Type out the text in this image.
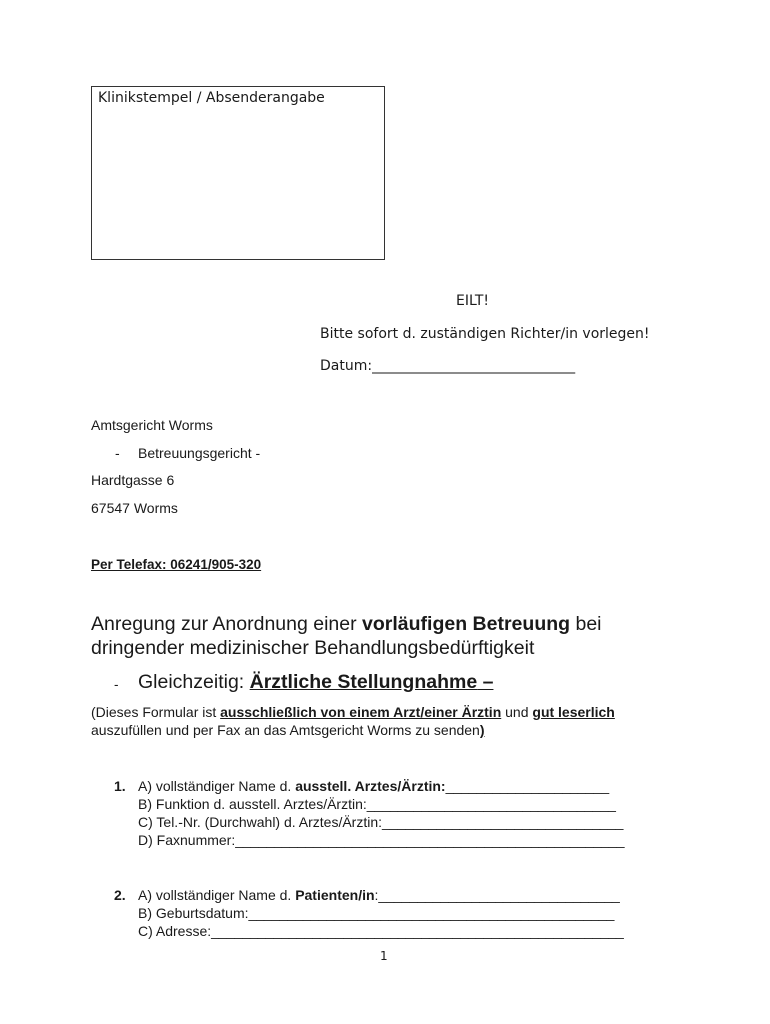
Klinikstempel / Absenderangabe
EILT!
Bitte sofort d. zuständigen Richter/in vorlegen!
Datum:_____________________________
Amtsgericht Worms
- Betreuungsgericht -
Hardtgasse 6
67547 Worms
Per Telefax: 06241/905-320
Anregung zur Anordnung einer vorläufigen Betreuung bei
dringender medizinischer Behandlungsbedürftigkeit
- Gleichzeitig: Ärztliche Stellungnahme –
(Dieses Formular ist ausschließlich von einem Arzt/einer Ärztin und gut leserlich
auszufüllen und per Fax an das Amtsgericht Worms zu senden)
1. A) vollständiger Name d. ausstell. Arztes/Ärztin:_____________________
B) Funktion d. ausstell. Arztes/Ärztin:________________________________
C) Tel.-Nr. (Durchwahl) d. Arztes/Ärztin:_______________________________
D) Faxnummer:__________________________________________________
2. A) vollständiger Name d. Patienten/in:_______________________________
B) Geburtsdatum:_______________________________________________
C) Adresse:_____________________________________________________
1
